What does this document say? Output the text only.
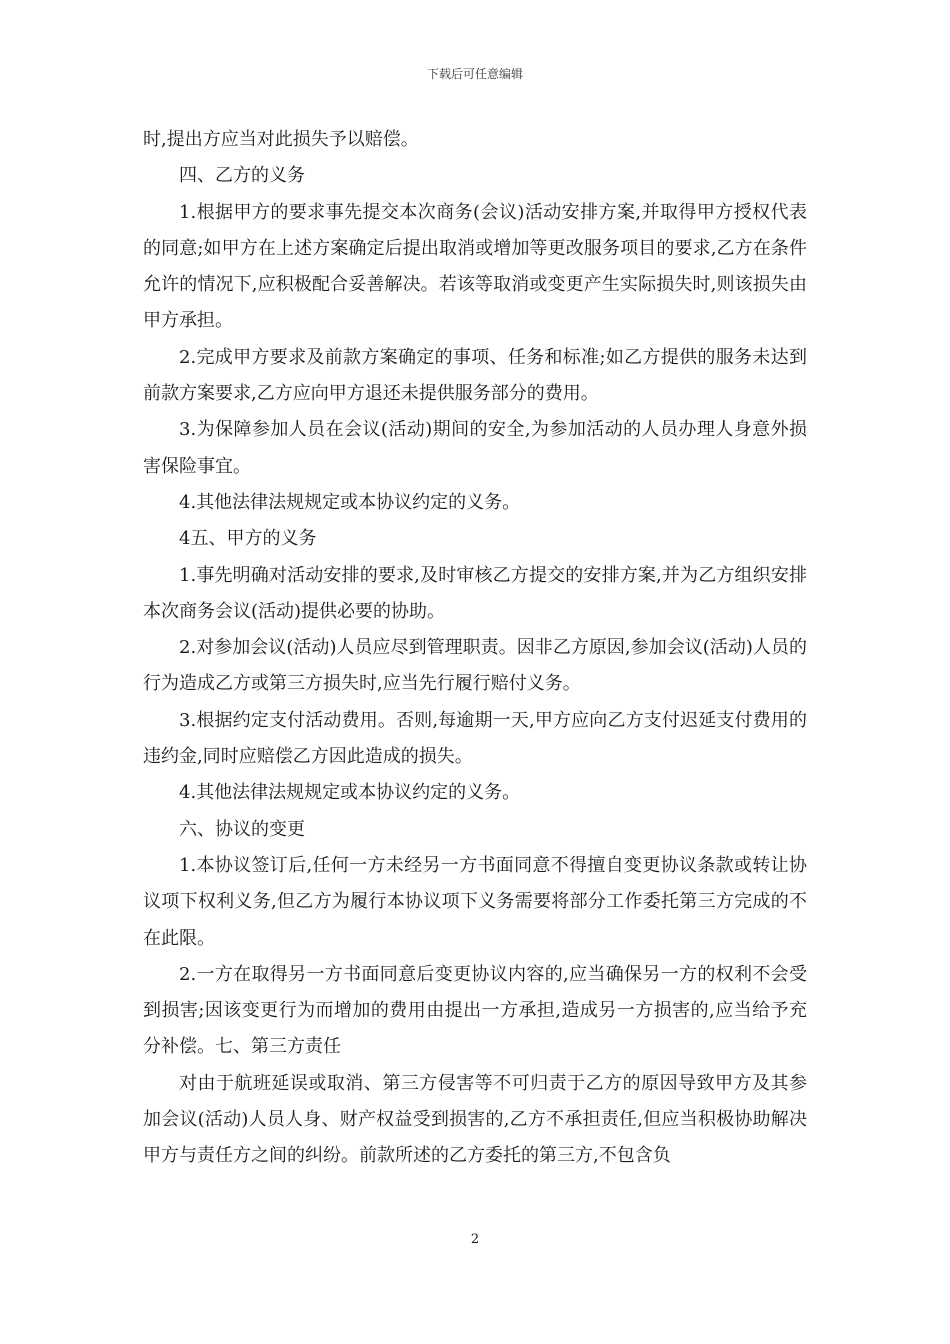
下载后可任意编辑

时,提出方应当对此损失予以赔偿。

四、乙方的义务

1.根据甲方的要求事先提交本次商务(会议)活动安排方案,并取得甲方授权代表的同意;如甲方在上述方案确定后提出取消或增加等更改服务项目的要求,乙方在条件允许的情况下,应积极配合妥善解决。若该等取消或变更产生实际损失时,则该损失由甲方承担。

2.完成甲方要求及前款方案确定的事项、任务和标准;如乙方提供的服务未达到前款方案要求,乙方应向甲方退还未提供服务部分的费用。

3.为保障参加人员在会议(活动)期间的安全,为参加活动的人员办理人身意外损害保险事宜。

4.其他法律法规规定或本协议约定的义务。

4五、甲方的义务

1.事先明确对活动安排的要求,及时审核乙方提交的安排方案,并为乙方组织安排本次商务会议(活动)提供必要的协助。

2.对参加会议(活动)人员应尽到管理职责。因非乙方原因,参加会议(活动)人员的行为造成乙方或第三方损失时,应当先行履行赔付义务。

3.根据约定支付活动费用。否则,每逾期一天,甲方应向乙方支付迟延支付费用的违约金,同时应赔偿乙方因此造成的损失。

4.其他法律法规规定或本协议约定的义务。

六、协议的变更

1.本协议签订后,任何一方未经另一方书面同意不得擅自变更协议条款或转让协议项下权利义务,但乙方为履行本协议项下义务需要将部分工作委托第三方完成的不在此限。

2.一方在取得另一方书面同意后变更协议内容的,应当确保另一方的权利不会受到损害;因该变更行为而增加的费用由提出一方承担,造成另一方损害的,应当给予充分补偿。七、第三方责任

对由于航班延误或取消、第三方侵害等不可归责于乙方的原因导致甲方及其参加会议(活动)人员人身、财产权益受到损害的,乙方不承担责任,但应当积极协助解决甲方与责任方之间的纠纷。前款所述的乙方委托的第三方,不包含负

2
